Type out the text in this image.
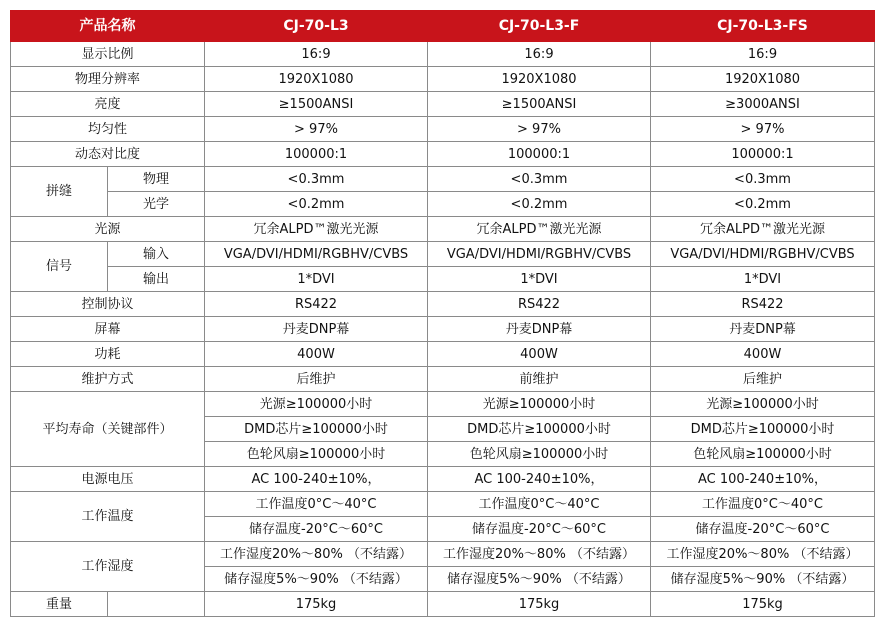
产品名称		CJ-70-L3	CJ-70-L3-F	CJ-70-L3-FS
显示比例		16:9	16:9	16:9
物理分辨率		1920X1080	1920X1080	1920X1080
亮度		≥1500ANSI	≥1500ANSI	≥3000ANSI
均匀性		> 97%	> 97%	> 97%
动态对比度		100000:1	100000:1	100000:1
拼缝	物理	<0.3mm	<0.3mm	<0.3mm
	光学	<0.2mm	<0.2mm	<0.2mm
光源		冗余ALPD™激光光源	冗余ALPD™激光光源	冗余ALPD™激光光源
信号	输入	VGA/DVI/HDMI/RGBHV/CVBS	VGA/DVI/HDMI/RGBHV/CVBS	VGA/DVI/HDMI/RGBHV/CVBS
	输出	1*DVI	1*DVI	1*DVI
控制协议		RS422	RS422	RS422
屏幕		丹麦DNP幕	丹麦DNP幕	丹麦DNP幕
功耗		400W	400W	400W
维护方式		后维护	前维护	后维护
平均寿命（关键部件）		光源≥100000小时	光源≥100000小时	光源≥100000小时
		DMD芯片≥100000小时	DMD芯片≥100000小时	DMD芯片≥100000小时
		色轮风扇≥100000小时	色轮风扇≥100000小时	色轮风扇≥100000小时
电源电压		AC 100-240±10%，	AC 100-240±10%，	AC 100-240±10%，
工作温度		工作温度0°C～40°C	工作温度0°C～40°C	工作温度0°C～40°C
		储存温度-20°C～60°C	储存温度-20°C～60°C	储存温度-20°C～60°C
工作湿度		工作湿度20%～80% （不结露）	工作湿度20%～80% （不结露）	工作湿度20%～80% （不结露）
		储存湿度5%～90% （不结露）	储存湿度5%～90% （不结露）	储存湿度5%～90% （不结露）
重量		175kg	175kg	175kg
